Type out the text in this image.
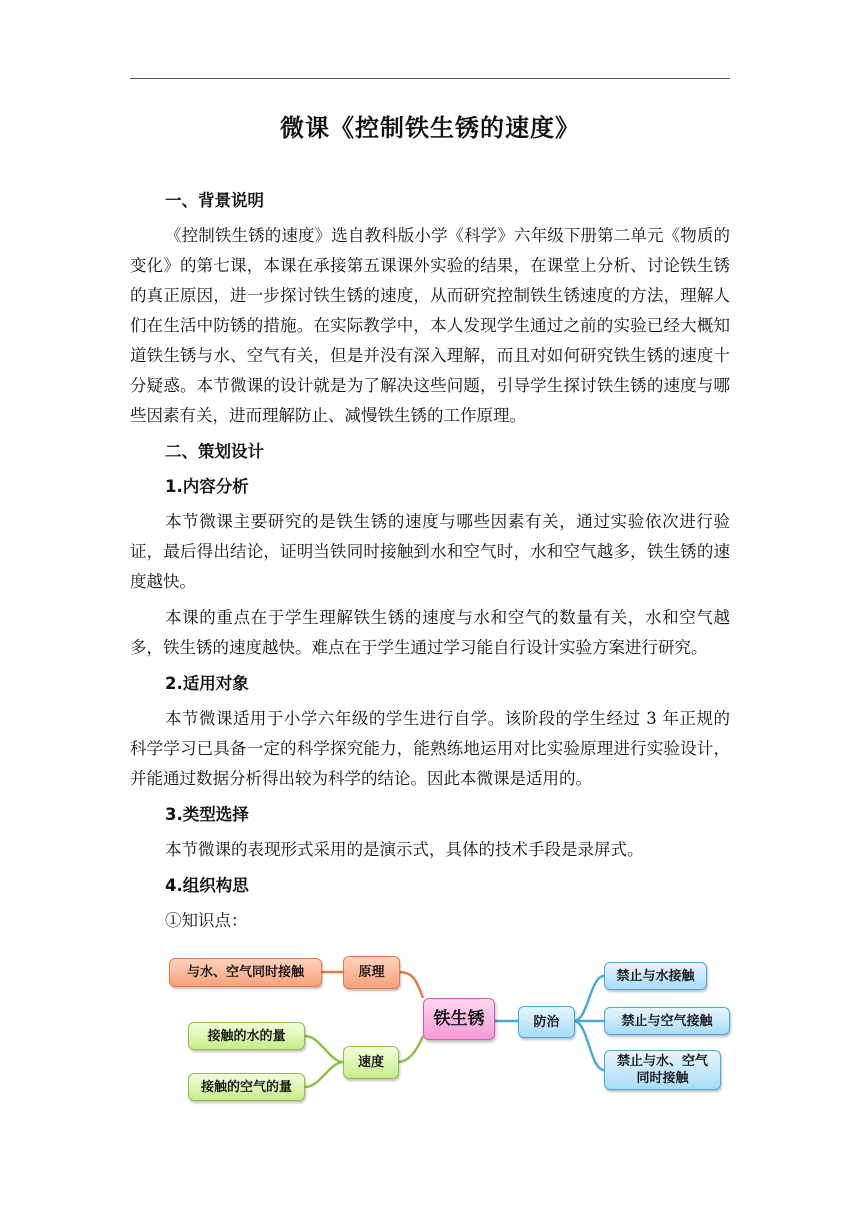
微课《控制铁生锈的速度》
一、背景说明
《控制铁生锈的速度》选自教科版小学《科学》六年级下册第二单元《物质的变化》的第七课，本课在承接第五课课外实验的结果，在课堂上分析、讨论铁生锈的真正原因，进一步探讨铁生锈的速度，从而研究控制铁生锈速度的方法，理解人们在生活中防锈的措施。在实际教学中，本人发现学生通过之前的实验已经大概知道铁生锈与水、空气有关，但是并没有深入理解，而且对如何研究铁生锈的速度十分疑惑。本节微课的设计就是为了解决这些问题，引导学生探讨铁生锈的速度与哪些因素有关，进而理解防止、减慢铁生锈的工作原理。
二、策划设计
1.内容分析
本节微课主要研究的是铁生锈的速度与哪些因素有关，通过实验依次进行验证，最后得出结论，证明当铁同时接触到水和空气时，水和空气越多，铁生锈的速度越快。
本课的重点在于学生理解铁生锈的速度与水和空气的数量有关，水和空气越多，铁生锈的速度越快。难点在于学生通过学习能自行设计实验方案进行研究。
2.适用对象
本节微课适用于小学六年级的学生进行自学。该阶段的学生经过 3 年正规的科学学习已具备一定的科学探究能力，能熟练地运用对比实验原理进行实验设计，并能通过数据分析得出较为科学的结论。因此本微课是适用的。
3.类型选择
本节微课的表现形式采用的是演示式，具体的技术手段是录屏式。
4.组织构思
①知识点：
与水、空气同时接触	原理
铁生锈
接触的水的量
速度
接触的空气的量
防治
禁止与水接触
禁止与空气接触
禁止与水、空气
同时接触
